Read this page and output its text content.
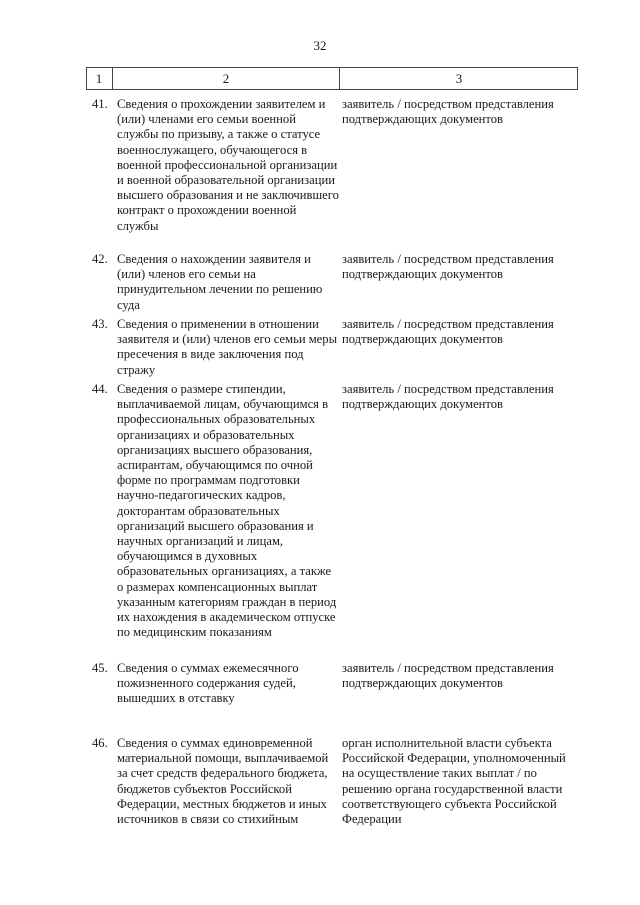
32
1	2	3
41. Сведения о прохождении заявителем и (или) членами его семьи военной службы по призыву, а также о статусе военнослужащего, обучающегося в военной профессиональной организации и военной образовательной организации высшего образования и не заключившего контракт о прохождении военной службы
заявитель / посредством представления подтверждающих документов
42. Сведения о нахождении заявителя и (или) членов его семьи на принудительном лечении по решению суда
заявитель / посредством представления подтверждающих документов
43. Сведения о применении в отношении заявителя и (или) членов его семьи меры пресечения в виде заключения под стражу
заявитель / посредством представления подтверждающих документов
44. Сведения о размере стипендии, выплачиваемой лицам, обучающимся в профессиональных образовательных организациях и образовательных организациях высшего образования, аспирантам, обучающимся по очной форме по программам подготовки научно-педагогических кадров, докторантам образовательных организаций высшего образования и научных организаций и лицам, обучающимся в духовных образовательных организациях, а также о размерах компенсационных выплат указанным категориям граждан в период их нахождения в академическом отпуске по медицинским показаниям
заявитель / посредством представления подтверждающих документов
45. Сведения о суммах ежемесячного пожизненного содержания судей, вышедших в отставку
заявитель / посредством представления подтверждающих документов
46. Сведения о суммах единовременной материальной помощи, выплачиваемой за счет средств федерального бюджета, бюджетов субъектов Российской Федерации, местных бюджетов и иных источников в связи со стихийным
орган исполнительной власти субъекта Российской Федерации, уполномоченный на осуществление таких выплат / по решению органа государственной власти соответствующего субъекта Российской Федерации
